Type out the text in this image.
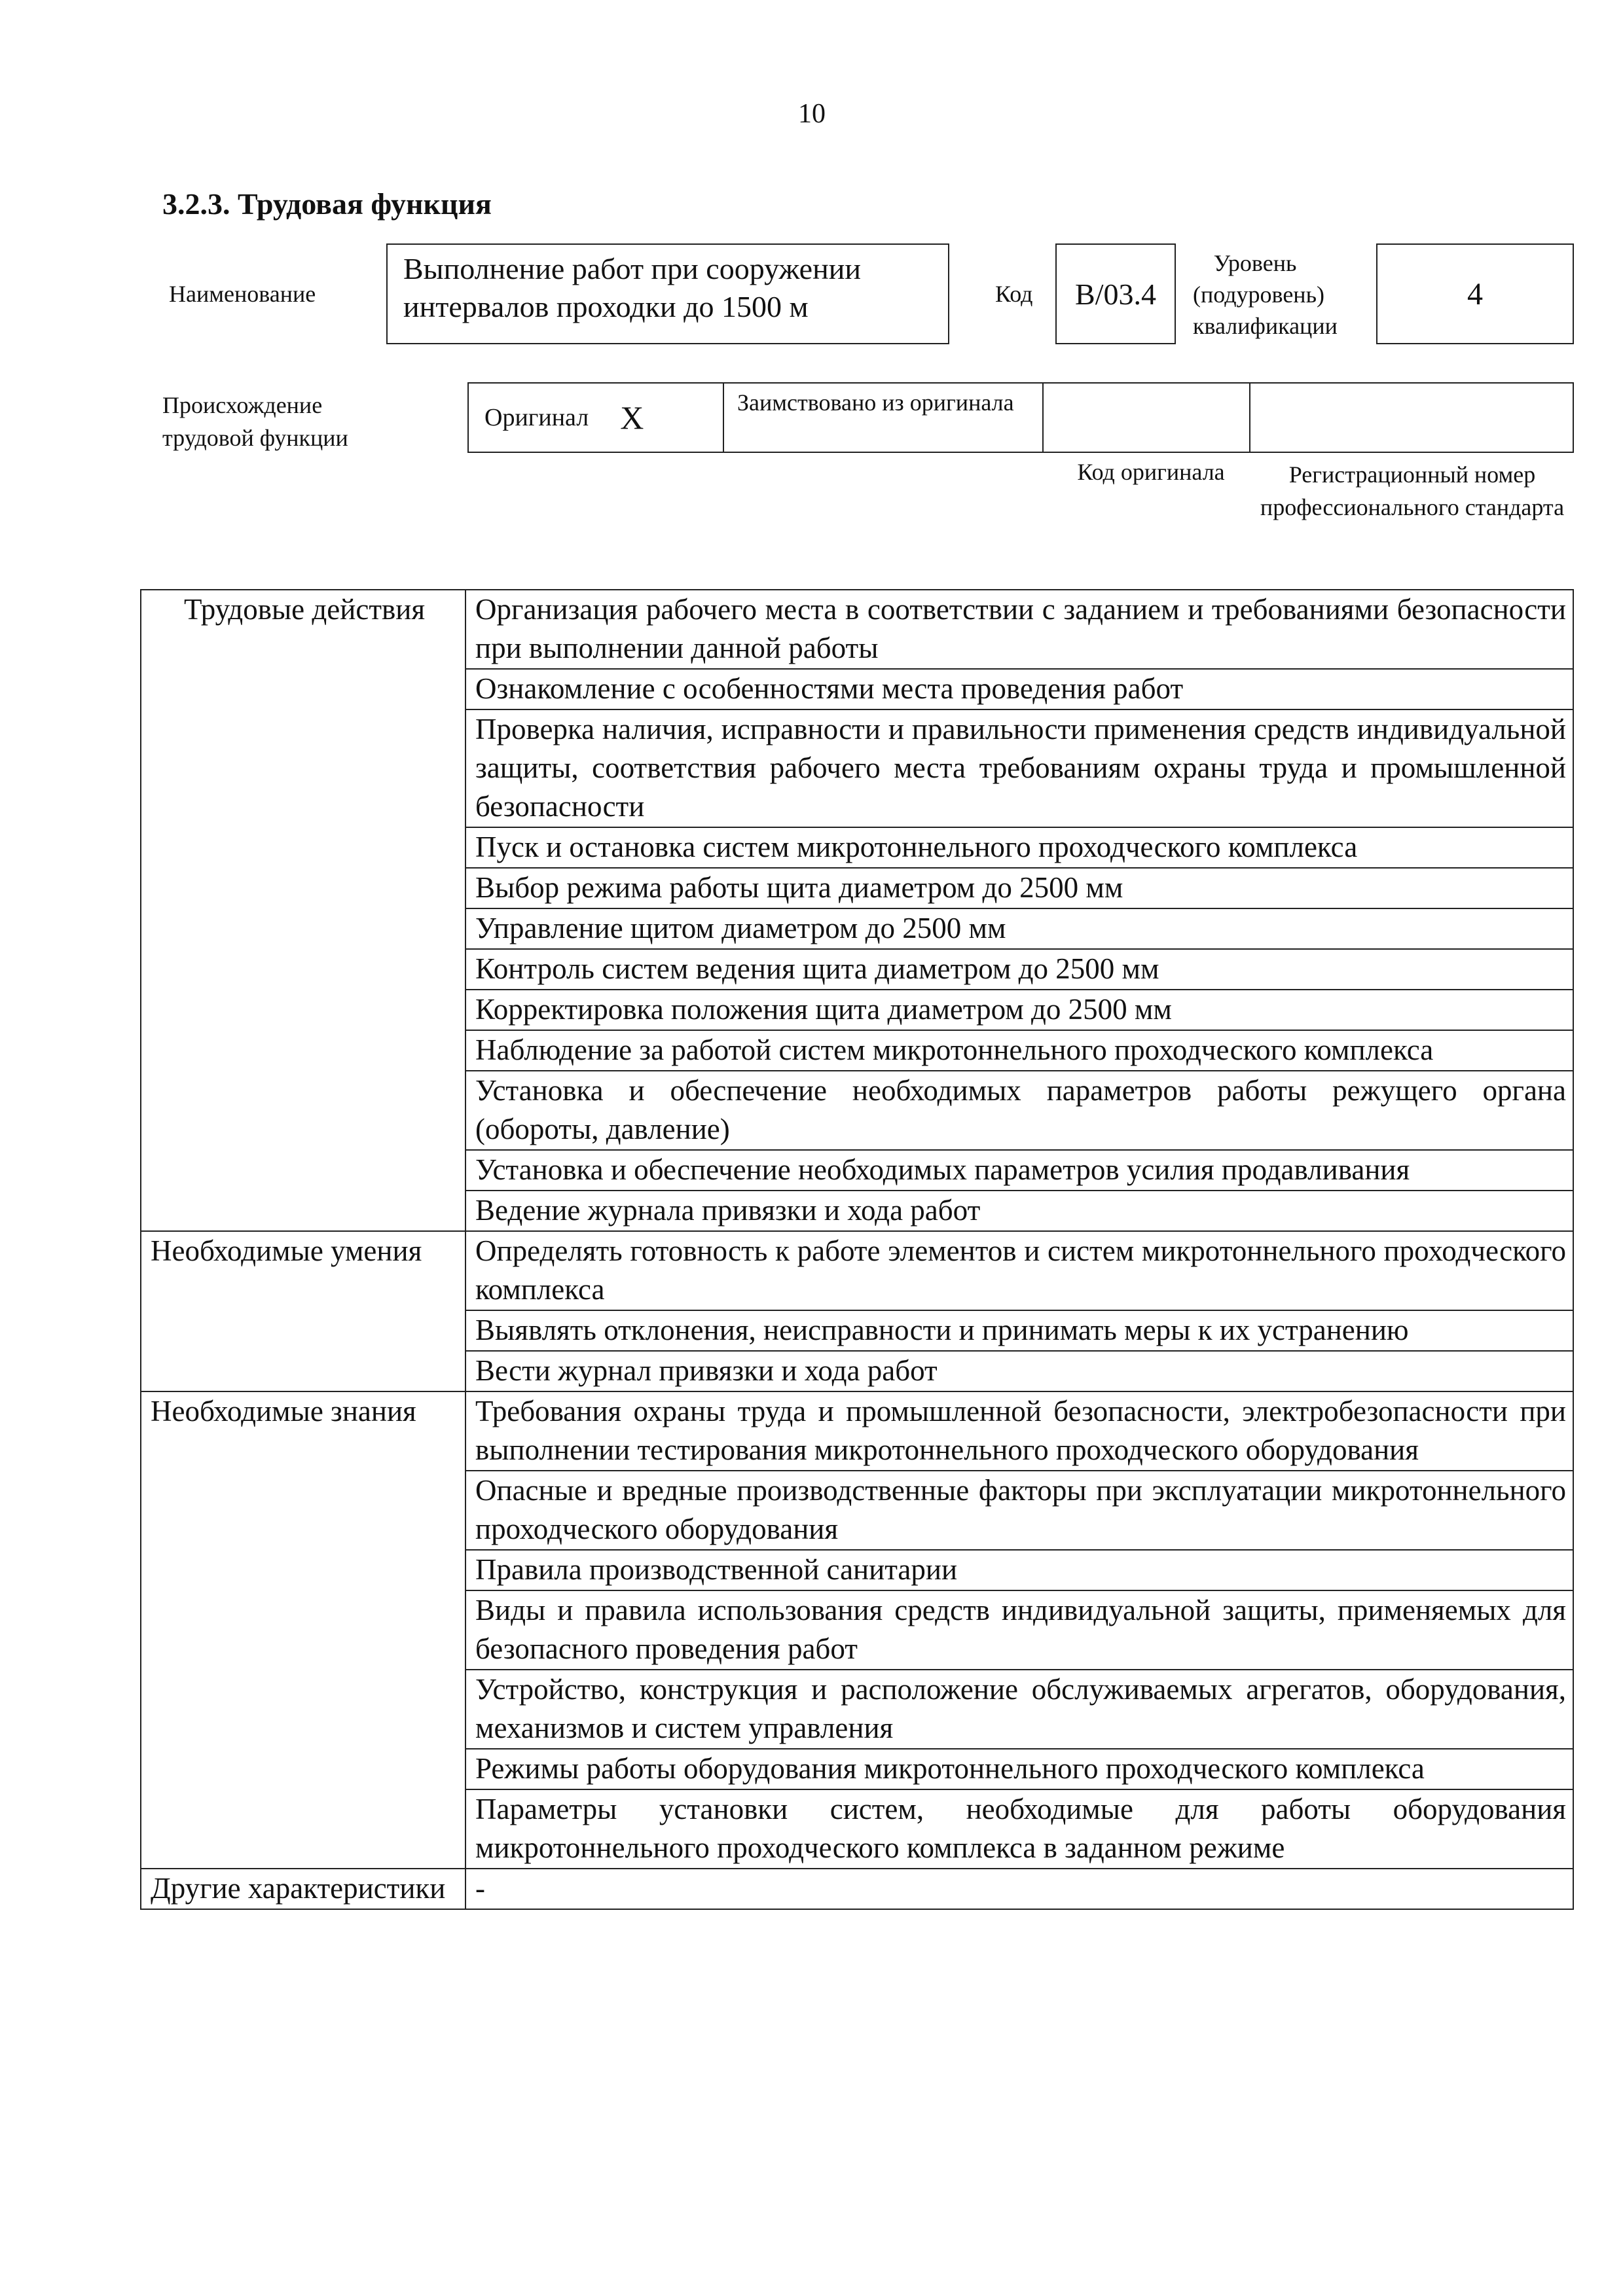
10
3.2.3. Трудовая функция
Наименование
Выполнение работ при сооружении интервалов проходки до 1500 м	Код	В/03.4
Уровень (подуровень) квалификации
4
Происхождение трудовой функции
Оригинал X	Заимствовано из оригинала
Код оригинала	Регистрационный номер профессионального стандарта
Трудовые действия	Организация рабочего места в соответствии с заданием и требованиями безопасности при выполнении данной работы
	Ознакомление с особенностями места проведения работ
	Проверка наличия, исправности и правильности применения средств индивидуальной защиты, соответствия рабочего места требованиям охраны труда и промышленной безопасности
	Пуск и остановка систем микротоннельного проходческого комплекса
	Выбор режима работы щита диаметром до 2500 мм
	Управление щитом диаметром до 2500 мм
	Контроль систем ведения щита диаметром до 2500 мм
	Корректировка положения щита диаметром до 2500 мм
	Наблюдение за работой систем микротоннельного проходческого комплекса
	Установка и обеспечение необходимых параметров работы режущего органа (обороты, давление)
	Установка и обеспечение необходимых параметров усилия продавливания
	Ведение журнала привязки и хода работ
Необходимые умения	Определять готовность к работе элементов и систем микротоннельного проходческого комплекса
	Выявлять отклонения, неисправности и принимать меры к их устранению
	Вести журнал привязки и хода работ
Необходимые знания	Требования охраны труда и промышленной безопасности, электробезопасности при выполнении тестирования микротоннельного проходческого оборудования
	Опасные и вредные производственные факторы при эксплуатации микротоннельного проходческого оборудования
	Правила производственной санитарии
	Виды и правила использования средств индивидуальной защиты, применяемых для безопасного проведения работ
	Устройство, конструкция и расположение обслуживаемых агрегатов, оборудования, механизмов и систем управления
	Режимы работы оборудования микротоннельного проходческого комплекса
	Параметры установки систем, необходимые для работы оборудования микротоннельного проходческого комплекса в заданном режиме
Другие характеристики	-
